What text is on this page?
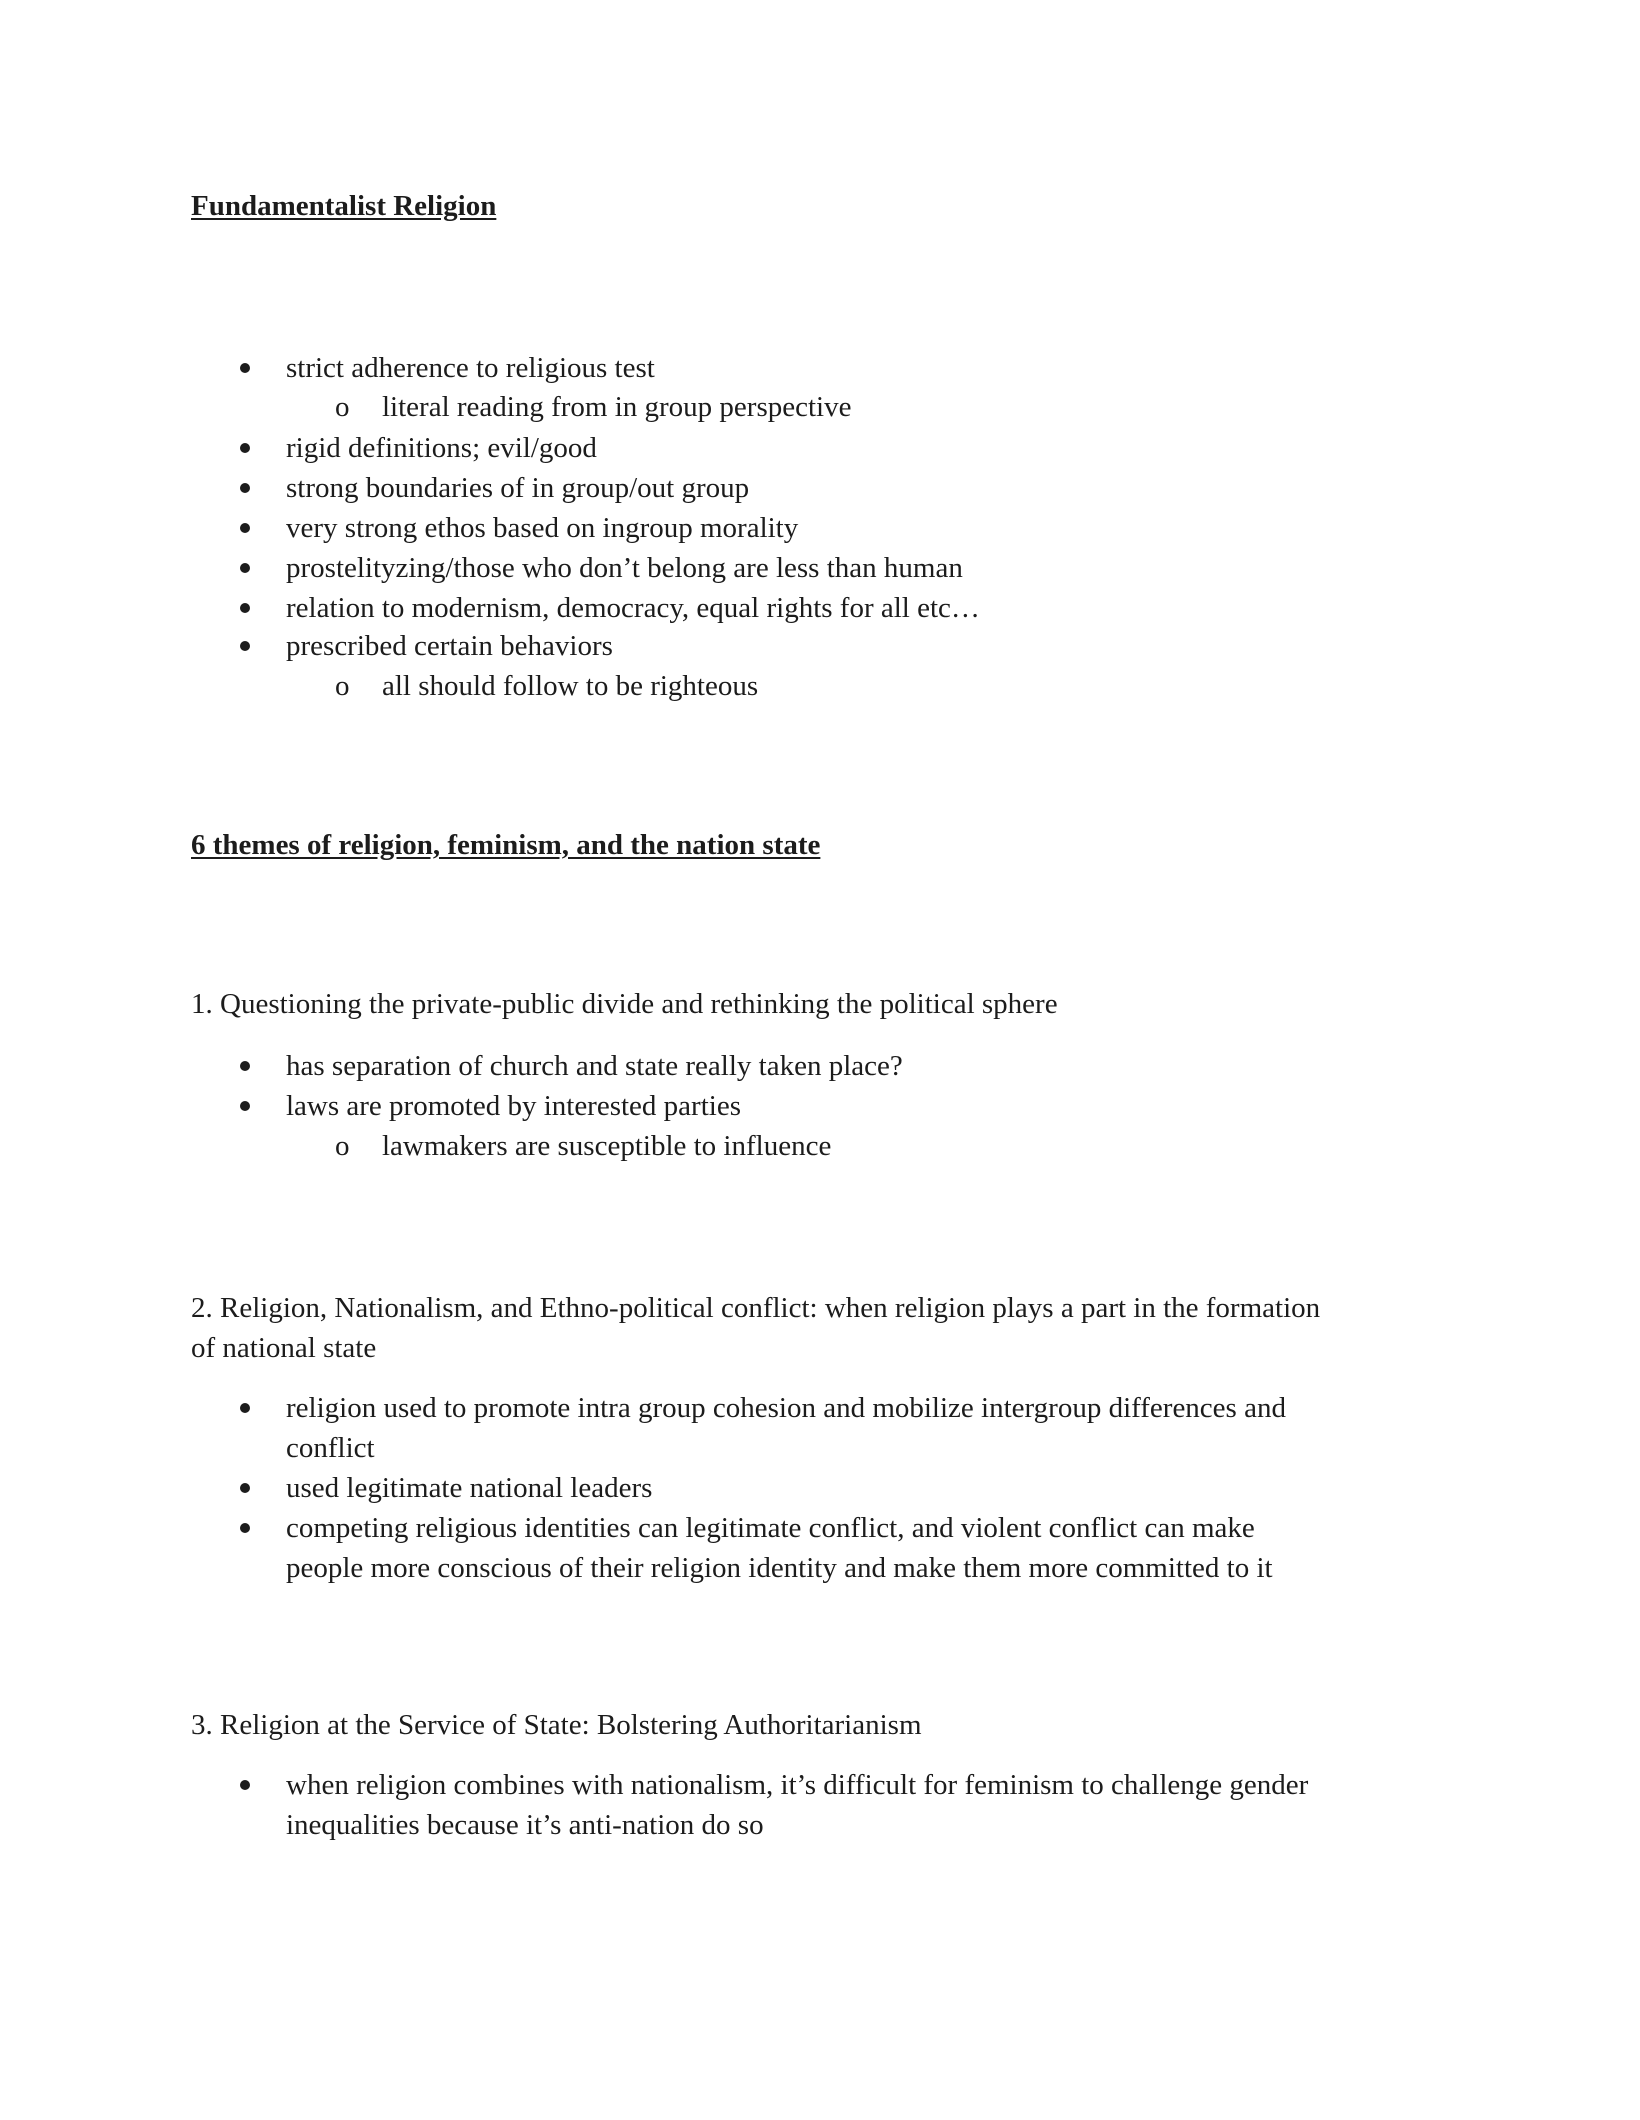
Fundamentalist Religion
strict adherence to religious test
o literal reading from in group perspective
rigid definitions; evil/good
strong boundaries of in group/out group
very strong ethos based on ingroup morality
prostelityzing/those who don’t belong are less than human
relation to modernism, democracy, equal rights for all etc…
prescribed certain behaviors
o all should follow to be righteous
6 themes of religion, feminism, and the nation state
1. Questioning the private-public divide and rethinking the political sphere
has separation of church and state really taken place?
laws are promoted by interested parties
o lawmakers are susceptible to influence
2. Religion, Nationalism, and Ethno-political conflict: when religion plays a part in the formation
of national state
religion used to promote intra group cohesion and mobilize intergroup differences and
conflict
used legitimate national leaders
competing religious identities can legitimate conflict, and violent conflict can make
people more conscious of their religion identity and make them more committed to it
3. Religion at the Service of State: Bolstering Authoritarianism
when religion combines with nationalism, it’s difficult for feminism to challenge gender
inequalities because it’s anti-nation do so
